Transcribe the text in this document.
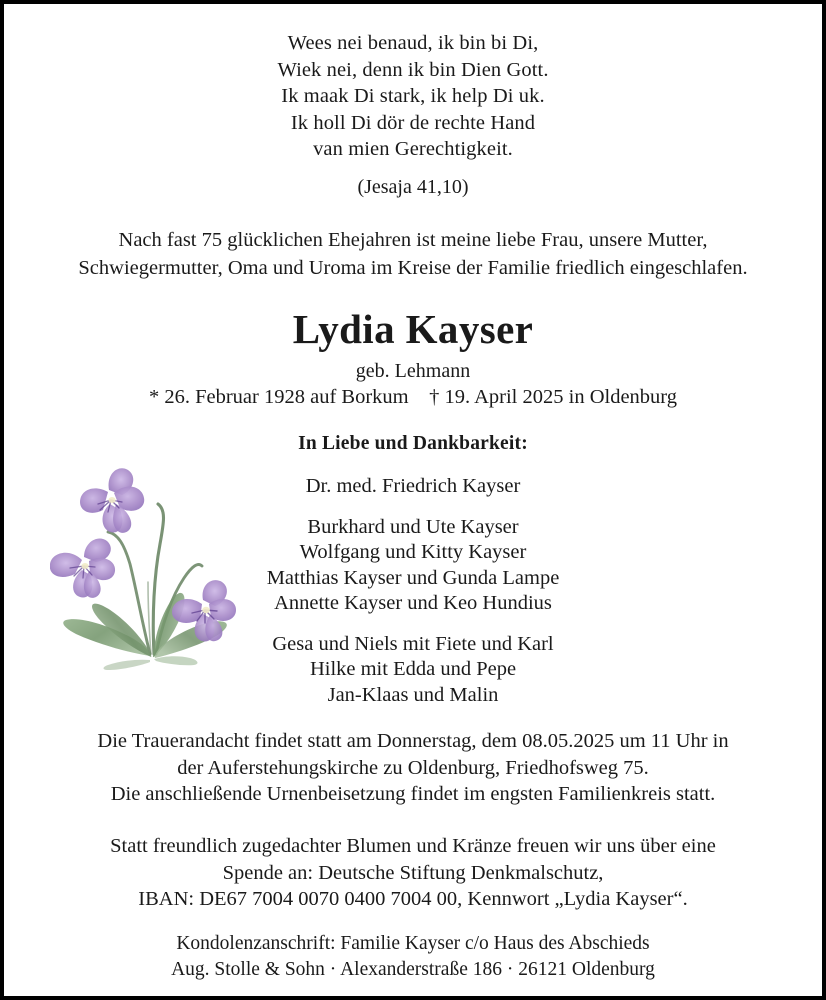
Wees nei benaud, ik bin bi Di,
Wiek nei, denn ik bin Dien Gott.
Ik maak Di stark, ik help Di uk.
Ik holl Di dör de rechte Hand
van mien Gerechtigkeit.
(Jesaja 41,10)
Nach fast 75 glücklichen Ehejahren ist meine liebe Frau, unsere Mutter,
Schwiegermutter, Oma und Uroma im Kreise der Familie friedlich eingeschlafen.
Lydia Kayser
geb. Lehmann
* 26. Februar 1928 auf Borkum    † 19. April 2025 in Oldenburg
In Liebe und Dankbarkeit:
Dr. med. Friedrich Kayser
Burkhard und Ute Kayser
Wolfgang und Kitty Kayser
Matthias Kayser und Gunda Lampe
Annette Kayser und Keo Hundius
Gesa und Niels mit Fiete und Karl
Hilke mit Edda und Pepe
Jan-Klaas und Malin
Die Trauerandacht findet statt am Donnerstag, dem 08.05.2025 um 11 Uhr in
der Auferstehungskirche zu Oldenburg, Friedhofsweg 75.
Die anschließende Urnenbeisetzung findet im engsten Familienkreis statt.
Statt freundlich zugedachter Blumen und Kränze freuen wir uns über eine
Spende an: Deutsche Stiftung Denkmalschutz,
IBAN: DE67 7004 0070 0400 7004 00, Kennwort „Lydia Kayser“.
Kondolenzanschrift: Familie Kayser c/o Haus des Abschieds
Aug. Stolle & Sohn · Alexanderstraße 186 · 26121 Oldenburg
